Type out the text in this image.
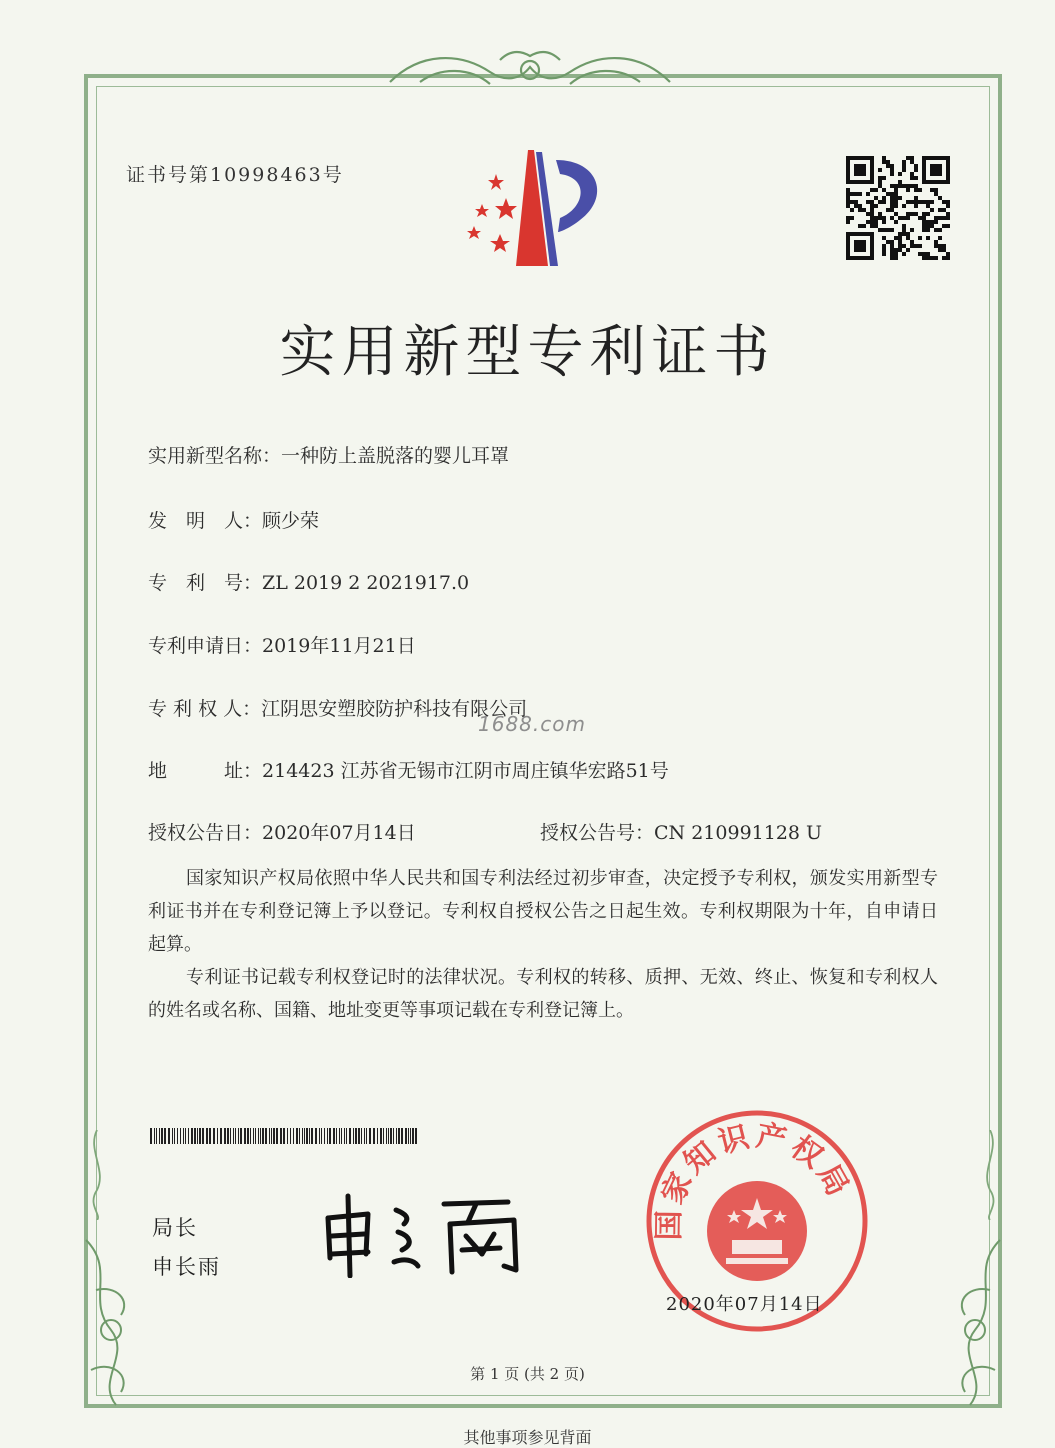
证书号第10998463号
实用新型专利证书
实用新型名称：一种防上盖脱落的婴儿耳罩
发　明　人：顾少荣
专　利　号：ZL 2019 2 2021917.0
专利申请日：2019年11月21日
专 利 权 人：江阴思安塑胶防护科技有限公司
1688.com
地　　　址：214423 江苏省无锡市江阴市周庄镇华宏路51号
授权公告日：2020年07月14日	授权公告号：CN 210991128 U
国家知识产权局依照中华人民共和国专利法经过初步审查，决定授予专利权，颁发实用新型专利证书并在专利登记簿上予以登记。专利权自授权公告之日起生效。专利权期限为十年，自申请日起算。
专利证书记载专利权登记时的法律状况。专利权的转移、质押、无效、终止、恢复和专利权人的姓名或名称、国籍、地址变更等事项记载在专利登记簿上。
局长
申长雨
国家知识产权局
2020年07月14日
第 1 页 (共 2 页)
其他事项参见背面
